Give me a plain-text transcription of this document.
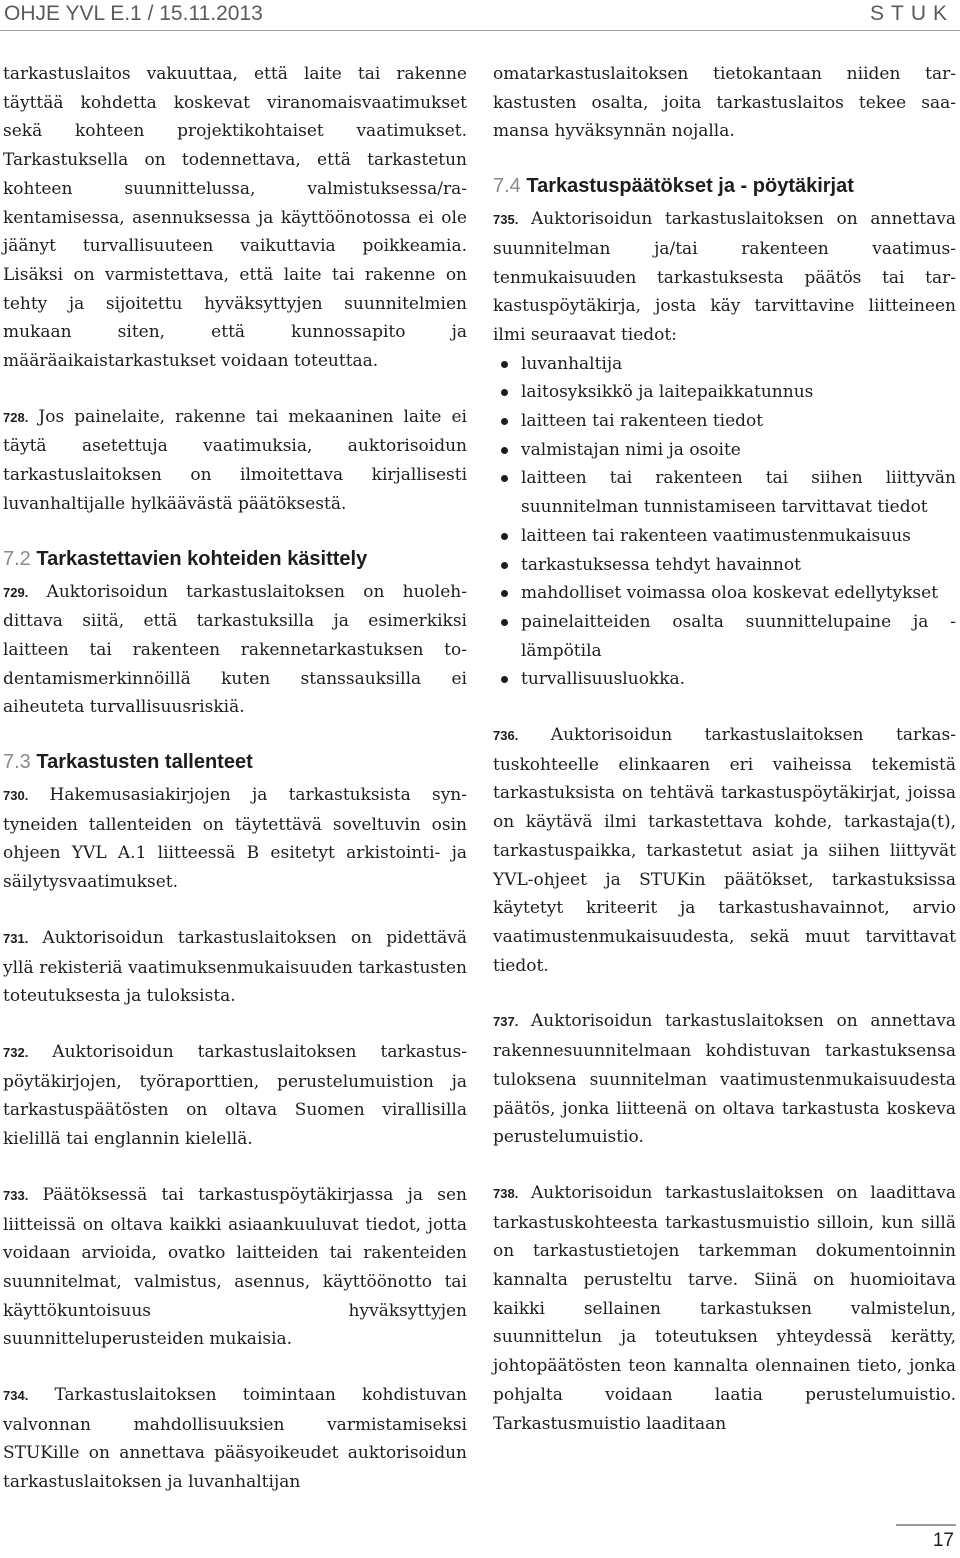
OHJE YVL E.1 / 15.11.2013	STUK

tarkastuslaitos vakuuttaa, että laite tai rakenne täyttää kohdetta koskevat viranomaisvaatimukset sekä kohteen projektikohtaiset vaatimukset. Tarkastuksella on todennettava, että tarkastetun kohteen suunnittelussa, valmistuksessa/rakentamisessa, asennuksessa ja käyttöönotossa ei ole jäänyt turvallisuuteen vaikuttavia poikkeamia. Lisäksi on varmistettava, että laite tai rakenne on tehty ja sijoitettu hyväksyttyjen suunnitelmien mukaan siten, että kunnossapito ja määräaikaistarkastukset voidaan toteuttaa.

728. Jos painelaite, rakenne tai mekaaninen laite ei täytä asetettuja vaatimuksia, auktorisoidun tarkastuslaitoksen on ilmoitettava kirjallisesti luvanhaltijalle hylkäävästä päätöksestä.

7.2 Tarkastettavien kohteiden käsittely

729. Auktorisoidun tarkastuslaitoksen on huolehdittava siitä, että tarkastuksilla ja esimerkiksi laitteen tai rakenteen rakennetarkastuksen todentamismerkinnöillä kuten stanssauksilla ei aiheuteta turvallisuusriskiä.

7.3 Tarkastusten tallenteet

730. Hakemusasiakirjojen ja tarkastuksista syntyneiden tallenteiden on täytettävä soveltuvin osin ohjeen YVL A.1 liitteessä B esitetyt arkistointi- ja säilytysvaatimukset.

731. Auktorisoidun tarkastuslaitoksen on pidettävä yllä rekisteriä vaatimuksenmukaisuuden tarkastusten toteutuksesta ja tuloksista.

732. Auktorisoidun tarkastuslaitoksen tarkastuspöytäkirjojen, työraporttien, perustelumuistion ja tarkastuspäätösten on oltava Suomen virallisilla kielillä tai englannin kielellä.

733. Päätöksessä tai tarkastuspöytäkirjassa ja sen liitteissä on oltava kaikki asiaankuuluvat tiedot, jotta voidaan arvioida, ovatko laitteiden tai rakenteiden suunnitelmat, valmistus, asennus, käyttöönotto tai käyttökuntoisuus hyväksyttyjen suunnitteluperusteiden mukaisia.

734. Tarkastuslaitoksen toimintaan kohdistuvan valvonnan mahdollisuuksien varmistamiseksi STUKille on annettava pääsyoikeudet auktorisoidun tarkastuslaitoksen ja luvanhaltijan

omatarkastuslaitoksen tietokantaan niiden tarkastusten osalta, joita tarkastuslaitos tekee saamansa hyväksynnän nojalla.

7.4 Tarkastuspäätökset ja - pöytäkirjat

735. Auktorisoidun tarkastuslaitoksen on annettava suunnitelman ja/tai rakenteen vaatimustenmukaisuuden tarkastuksesta päätös tai tarkastuspöytäkirja, josta käy tarvittavine liitteineen ilmi seuraavat tiedot:

luvanhaltija
laitosyksikkö ja laitepaikkatunnus
laitteen tai rakenteen tiedot
valmistajan nimi ja osoite
laitteen tai rakenteen tai siihen liittyvän suunnitelman tunnistamiseen tarvittavat tiedot
laitteen tai rakenteen vaatimustenmukaisuus
tarkastuksessa tehdyt havainnot
mahdolliset voimassa oloa koskevat edellytykset
painelaitteiden osalta suunnittelupaine ja -lämpötila
turvallisuusluokka.

736. Auktorisoidun tarkastuslaitoksen tarkastuskohteelle elinkaaren eri vaiheissa tekemistä tarkastuksista on tehtävä tarkastuspöytäkirjat, joissa on käytävä ilmi tarkastettava kohde, tarkastaja(t), tarkastuspaikka, tarkastetut asiat ja siihen liittyvät YVL-ohjeet ja STUKin päätökset, tarkastuksissa käytetyt kriteerit ja tarkastushavainnot, arvio vaatimustenmukaisuudesta, sekä muut tarvittavat tiedot.

737. Auktorisoidun tarkastuslaitoksen on annettava rakennesuunnitelmaan kohdistuvan tarkastuksensa tuloksena suunnitelman vaatimustenmukaisuudesta päätös, jonka liitteenä on oltava tarkastusta koskeva perustelumuistio.

738. Auktorisoidun tarkastuslaitoksen on laadittava tarkastuskohteesta tarkastusmuistio silloin, kun sillä on tarkastustietojen tarkemman dokumentoinnin kannalta perusteltu tarve. Siinä on huomioitava kaikki sellainen tarkastuksen valmistelun, suunnittelun ja toteutuksen yhteydessä kerätty, johtopäätösten teon kannalta olennainen tieto, jonka pohjalta voidaan laatia perustelumuistio. Tarkastusmuistio laaditaan

17
